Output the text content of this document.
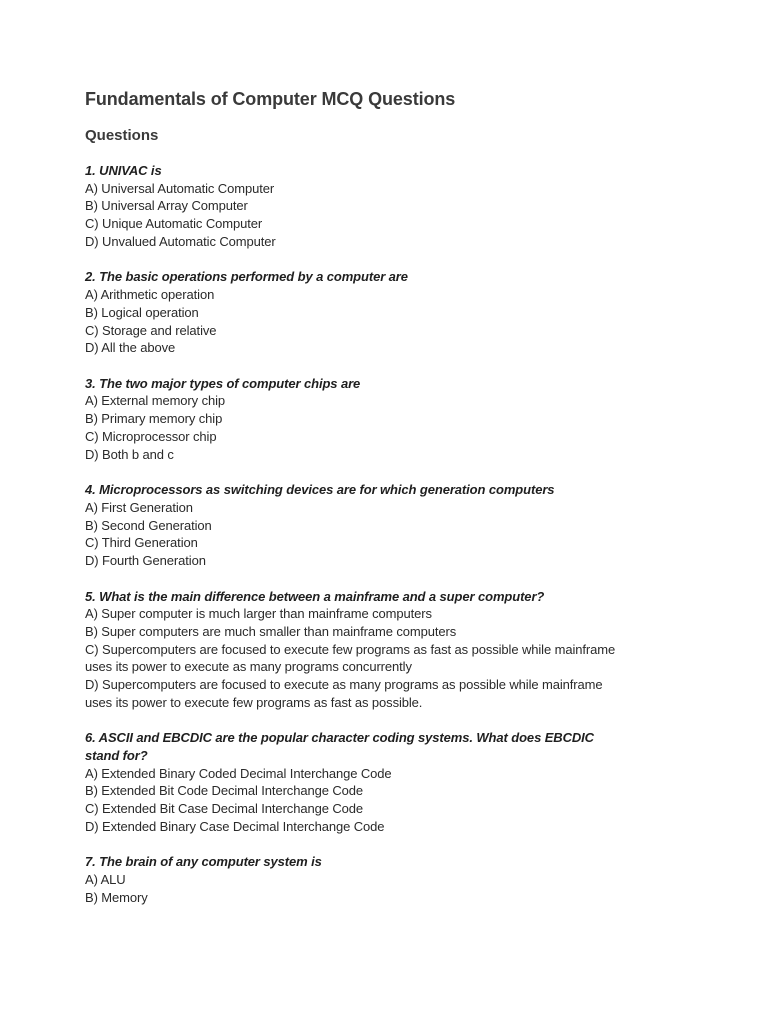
Fundamentals of Computer MCQ Questions
Questions
1. UNIVAC is
A) Universal Automatic Computer
B) Universal Array Computer
C) Unique Automatic Computer
D) Unvalued Automatic Computer
2. The basic operations performed by a computer are
A) Arithmetic operation
B) Logical operation
C) Storage and relative
D) All the above
3. The two major types of computer chips are
A) External memory chip
B) Primary memory chip
C) Microprocessor chip
D) Both b and c
4. Microprocessors as switching devices are for which generation computers
A) First Generation
B) Second Generation
C) Third Generation
D) Fourth Generation
5. What is the main difference between a mainframe and a super computer?
A) Super computer is much larger than mainframe computers
B) Super computers are much smaller than mainframe computers
C) Supercomputers are focused to execute few programs as fast as possible while mainframe uses its power to execute as many programs concurrently
D) Supercomputers are focused to execute as many programs as possible while mainframe uses its power to execute few programs as fast as possible.
6. ASCII and EBCDIC are the popular character coding systems. What does EBCDIC stand for?
A) Extended Binary Coded Decimal Interchange Code
B) Extended Bit Code Decimal Interchange Code
C) Extended Bit Case Decimal Interchange Code
D) Extended Binary Case Decimal Interchange Code
7. The brain of any computer system is
A) ALU
B) Memory
